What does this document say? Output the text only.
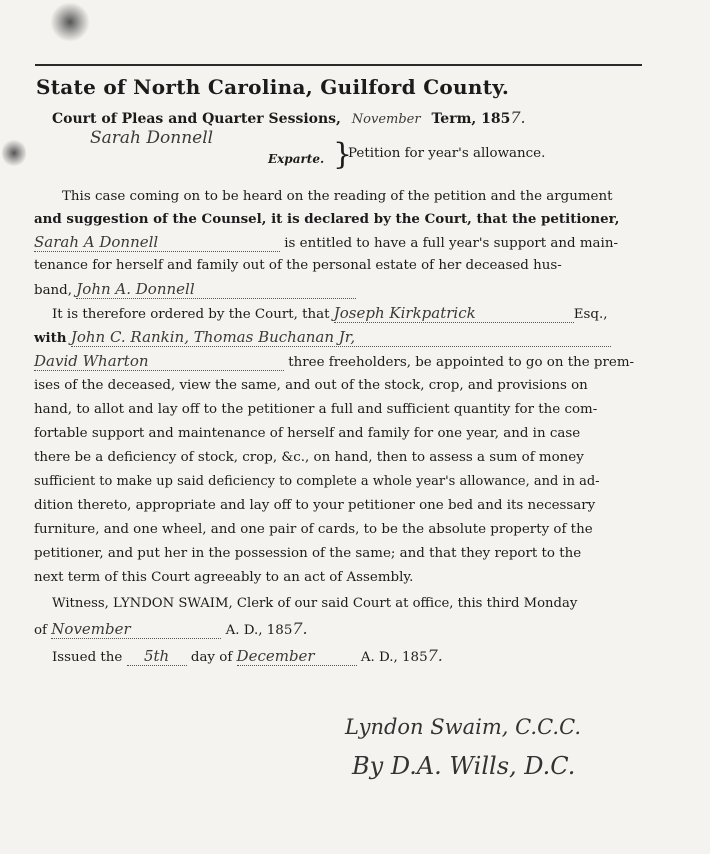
State of North Carolina, Guilford County.
Court of Pleas and Quarter Sessions, November Term, 1857.
Sarah Donnell
Exparte. }
Petition for year's allowance.
This case coming on to be heard on the reading of the petition and the argument
and suggestion of the Counsel, it is declared by the Court, that the petitioner,
Sarah A Donnell	is entitled to have a full year's support and main-
tenance for herself and family out of the personal estate of her deceased hus-
band, John A. Donnell
It is therefore ordered by the Court, that Joseph Kirkpatrick	Esq.,
with John C. Rankin, Thomas Buchanan Jr,
David Wharton	three freeholders, be appointed to go on the prem-
ises of the deceased, view the same, and out of the stock, crop, and provisions on
hand, to allot and lay off to the petitioner a full and sufficient quantity for the com-
fortable support and maintenance of herself and family for one year, and in case
there be a deficiency of stock, crop, &c., on hand, then to assess a sum of money
sufficient to make up said deficiency to complete a whole year's allowance, and in ad-
dition thereto, appropriate and lay off to your petitioner one bed and its necessary
furniture, and one wheel, and one pair of cards, to be the absolute property of the
petitioner, and put her in the possession of the same; and that they report to the
next term of this Court agreeably to an act of Assembly.
Witness, LYNDON SWAIM, Clerk of our said Court at office, this third Monday
of November	A. D., 1857.
Issued the 5th day of December	A. D., 1857.
Lyndon Swaim, C.C.C.
By D.A. Wills, D.C.
